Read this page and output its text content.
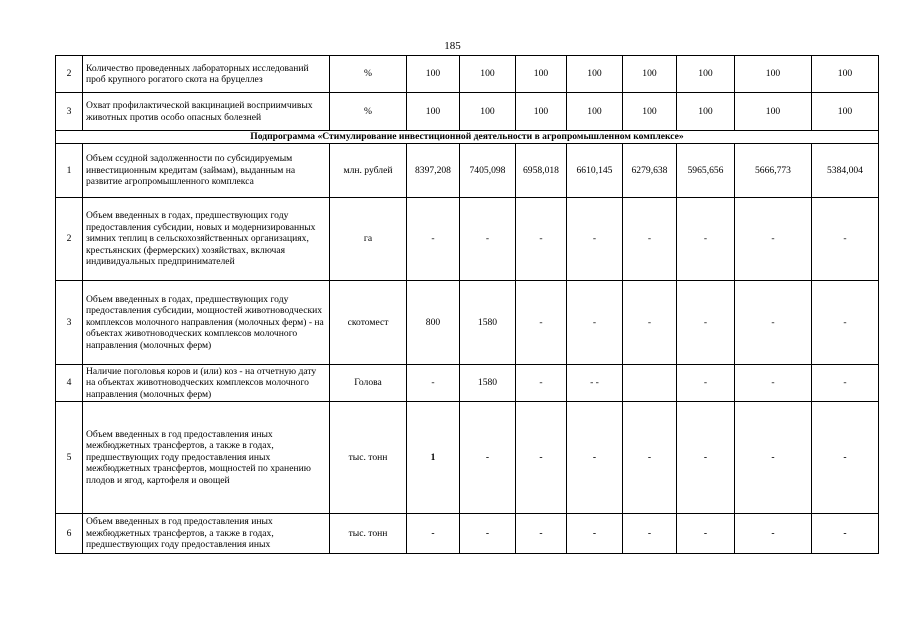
185
2	Количество проведенных лабораторных исследований проб крупного рогатого скота на бруцеллез	%	100	100	100	100	100	100	100	100
3	Охват профилактической вакцинацией восприимчивых животных против особо опасных болезней	%	100	100	100	100	100	100	100	100
Подпрограмма «Стимулирование инвестиционной деятельности в агропромышленном комплексе»										
1	Объем ссудной задолженности по субсидируемым инвестиционным кредитам (займам), выданным на развитие агропромышленного комплекса	млн. рублей	8397,208	7405,098	6958,018	6610,145	6279,638	5965,656	5666,773	5384,004
2	Объем введенных в годах, предшествующих году предоставления субсидии, новых и модернизированных зимних теплиц в сельскохозяйственных организациях, крестьянских (фермерских) хозяйствах, включая индивидуальных предпринимателей	га	-	-	-	-	-	-	-	-
3	Объем введенных в годах, предшествующих году предоставления субсидии, мощностей животноводческих комплексов молочного направления (молочных ферм) - на объектах животноводческих комплексов молочного направления (молочных ферм)	скотомест	800	1580	-	-	-	-	-	-
4	Наличие поголовья коров и (или) коз - на отчетную дату на объектах животноводческих комплексов молочного направления (молочных ферм)	Голова	-	1580	-	- -		-	-	-
5	Объем введенных в год предоставления иных межбюджетных трансфертов, а также в годах, предшествующих году предоставления иных межбюджетных трансфертов, мощностей по хранению плодов и ягод, картофеля и овощей	тыс. тонн	1	-	-	-	-	-	-	-
6	Объем введенных в год предоставления иных межбюджетных трансфертов, а также в годах, предшествующих году предоставления иных	тыс. тонн	-	-	-	-	-	-	-	-
